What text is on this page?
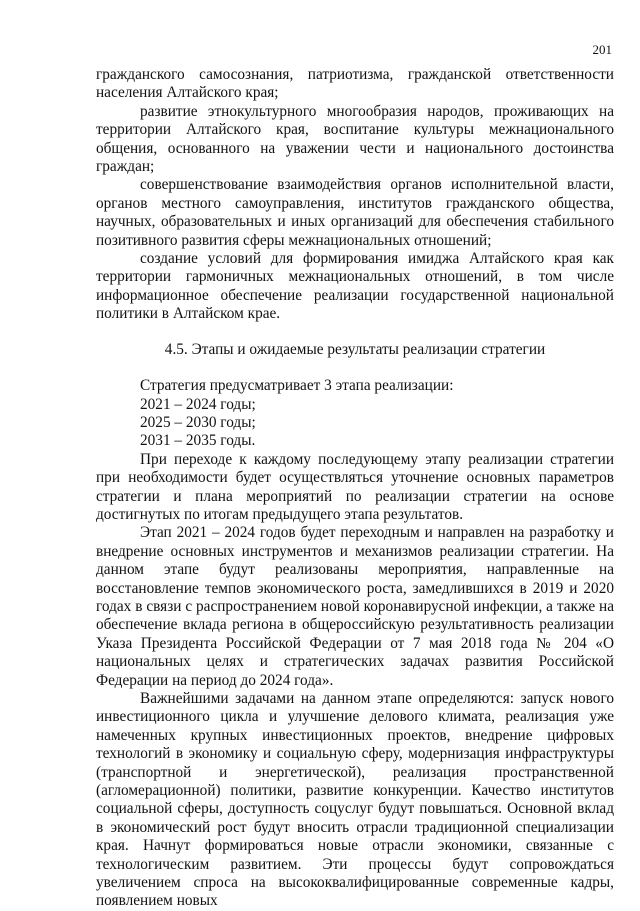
201

гражданского самосознания, патриотизма, гражданской ответственности населения Алтайского края;

развитие этнокультурного многообразия народов, проживающих на территории Алтайского края, воспитание культуры межнационального общения, основанного на уважении чести и национального достоинства граждан;

совершенствование взаимодействия органов исполнительной власти, органов местного самоуправления, институтов гражданского общества, научных, образовательных и иных организаций для обеспечения стабильного позитивного развития сферы межнациональных отношений;

создание условий для формирования имиджа Алтайского края как территории гармоничных межнациональных отношений, в том числе информационное обеспечение реализации государственной национальной политики в Алтайском крае.

4.5. Этапы и ожидаемые результаты реализации стратегии

Стратегия предусматривает 3 этапа реализации:

2021 – 2024 годы;
2025 – 2030 годы;
2031 – 2035 годы.

При переходе к каждому последующему этапу реализации стратегии при необходимости будет осуществляться уточнение основных параметров стратегии и плана мероприятий по реализации стратегии на основе достигнутых по итогам предыдущего этапа результатов.

Этап 2021 – 2024 годов будет переходным и направлен на разработку и внедрение основных инструментов и механизмов реализации стратегии. На данном этапе будут реализованы мероприятия, направленные на восстановление темпов экономического роста, замедлившихся в 2019 и 2020 годах в связи с распространением новой коронавирусной инфекции, а также на обеспечение вклада региона в общероссийскую результативность реализации Указа Президента Российской Федерации от 7 мая 2018 года № 204 «О национальных целях и стратегических задачах развития Российской Федерации на период до 2024 года».

Важнейшими задачами на данном этапе определяются: запуск нового инвестиционного цикла и улучшение делового климата, реализация уже намеченных крупных инвестиционных проектов, внедрение цифровых технологий в экономику и социальную сферу, модернизация инфраструктуры (транспортной и энергетической), реализация пространственной (агломерационной) политики, развитие конкуренции. Качество институтов социальной сферы, доступность соцуслуг будут повышаться. Основной вклад в экономический рост будут вносить отрасли традиционной специализации края. Начнут формироваться новые отрасли экономики, связанные с технологическим развитием. Эти процессы будут сопровождаться увеличением спроса на высококвалифицированные современные кадры, появлением новых
